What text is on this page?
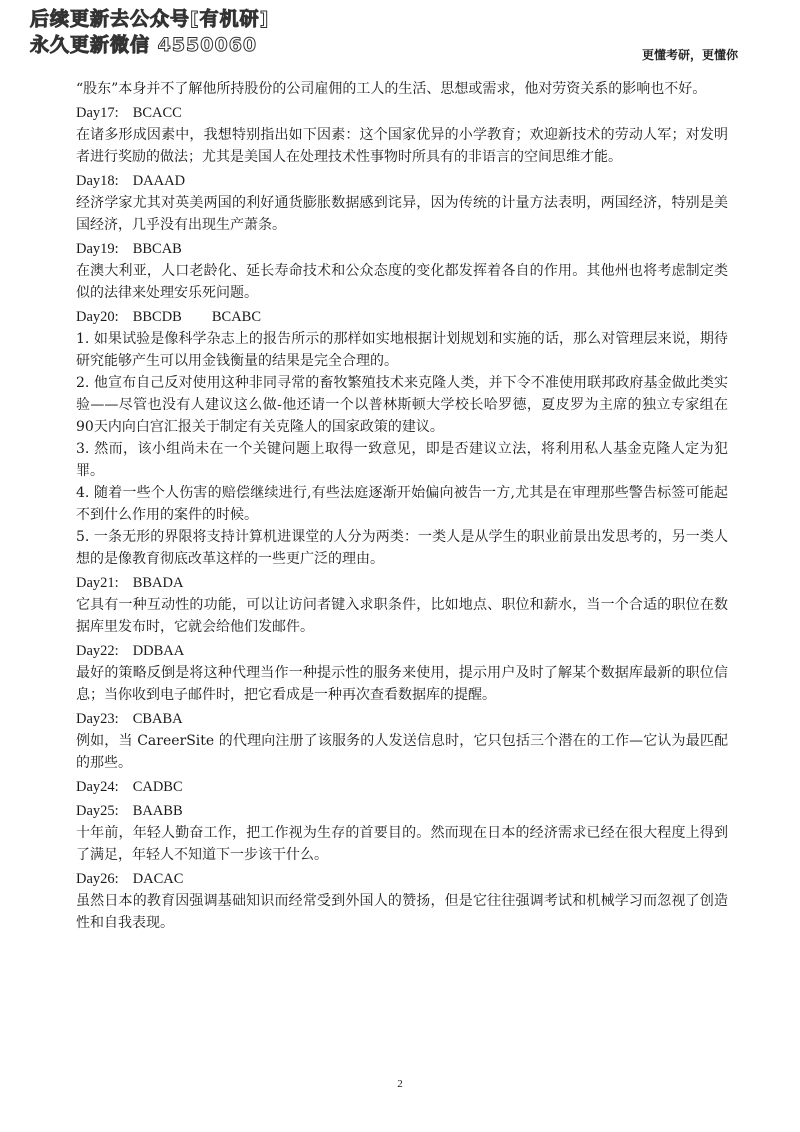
后续更新去公众号[有机研]
永久更新微信 4550060	更懂考研，更懂你
“股东”本身并不了解他所持股份的公司雇佣的工人的生活、思想或需求，他对劳资关系的影响也不好。
Day17: BCACC
在诸多形成因素中，我想特别指出如下因素：这个国家优异的小学教育；欢迎新技术的劳动人军；对发明者进行奖励的做法；尤其是美国人在处理技术性事物时所具有的非语言的空间思维才能。
Day18: DAAAD
经济学家尤其对英美两国的利好通货膨胀数据感到诧异，因为传统的计量方法表明，两国经济，特别是美国经济，几乎没有出现生产萧条。
Day19: BBCAB
在澳大利亚，人口老龄化、延长寿命技术和公众态度的变化都发挥着各自的作用。其他州也将考虑制定类似的法律来处理安乐死问题。
Day20: BBCDB BCABC
1. 如果试验是像科学杂志上的报告所示的那样如实地根据计划规划和实施的话，那么对管理层来说，期待研究能够产生可以用金钱衡量的结果是完全合理的。
2. 他宣布自己反对使用这种非同寻常的畜牧繁殖技术来克隆人类，并下令不准使用联邦政府基金做此类实验——尽管也没有人建议这么做-他还请一个以普林斯顿大学校长哈罗德，夏皮罗为主席的独立专家组在90天内向白宫汇报关于制定有关克隆人的国家政策的建议。
3. 然而，该小组尚未在一个关键问题上取得一致意见，即是否建议立法，将利用私人基金克隆人定为犯罪。
4. 随着一些个人伤害的赔偿继续进行,有些法庭逐渐开始偏向被告一方,尤其是在审理那些警告标签可能起不到什么作用的案件的时候。
5. 一条无形的界限将支持计算机进课堂的人分为两类：一类人是从学生的职业前景出发思考的，另一类人想的是像教育彻底改革这样的一些更广泛的理由。
Day21: BBADA
它具有一种互动性的功能，可以让访问者键入求职条件，比如地点、职位和薪水，当一个合适的职位在数据库里发布时，它就会给他们发邮件。
Day22: DDBAA
最好的策略反倒是将这种代理当作一种提示性的服务来使用，提示用户及时了解某个数据库最新的职位信息；当你收到电子邮件时，把它看成是一种再次查看数据库的提醒。
Day23: CBABA
例如，当 CareerSite 的代理向注册了该服务的人发送信息时，它只包括三个潜在的工作—它认为最匹配的那些。
Day24: CADBC
Day25: BAABB
十年前，年轻人勤奋工作，把工作视为生存的首要目的。然而现在日本的经济需求已经在很大程度上得到了满足，年轻人不知道下一步该干什么。
Day26: DACAC
虽然日本的教育因强调基础知识而经常受到外国人的赞扬，但是它往往强调考试和机械学习而忽视了创造性和自我表现。
2
